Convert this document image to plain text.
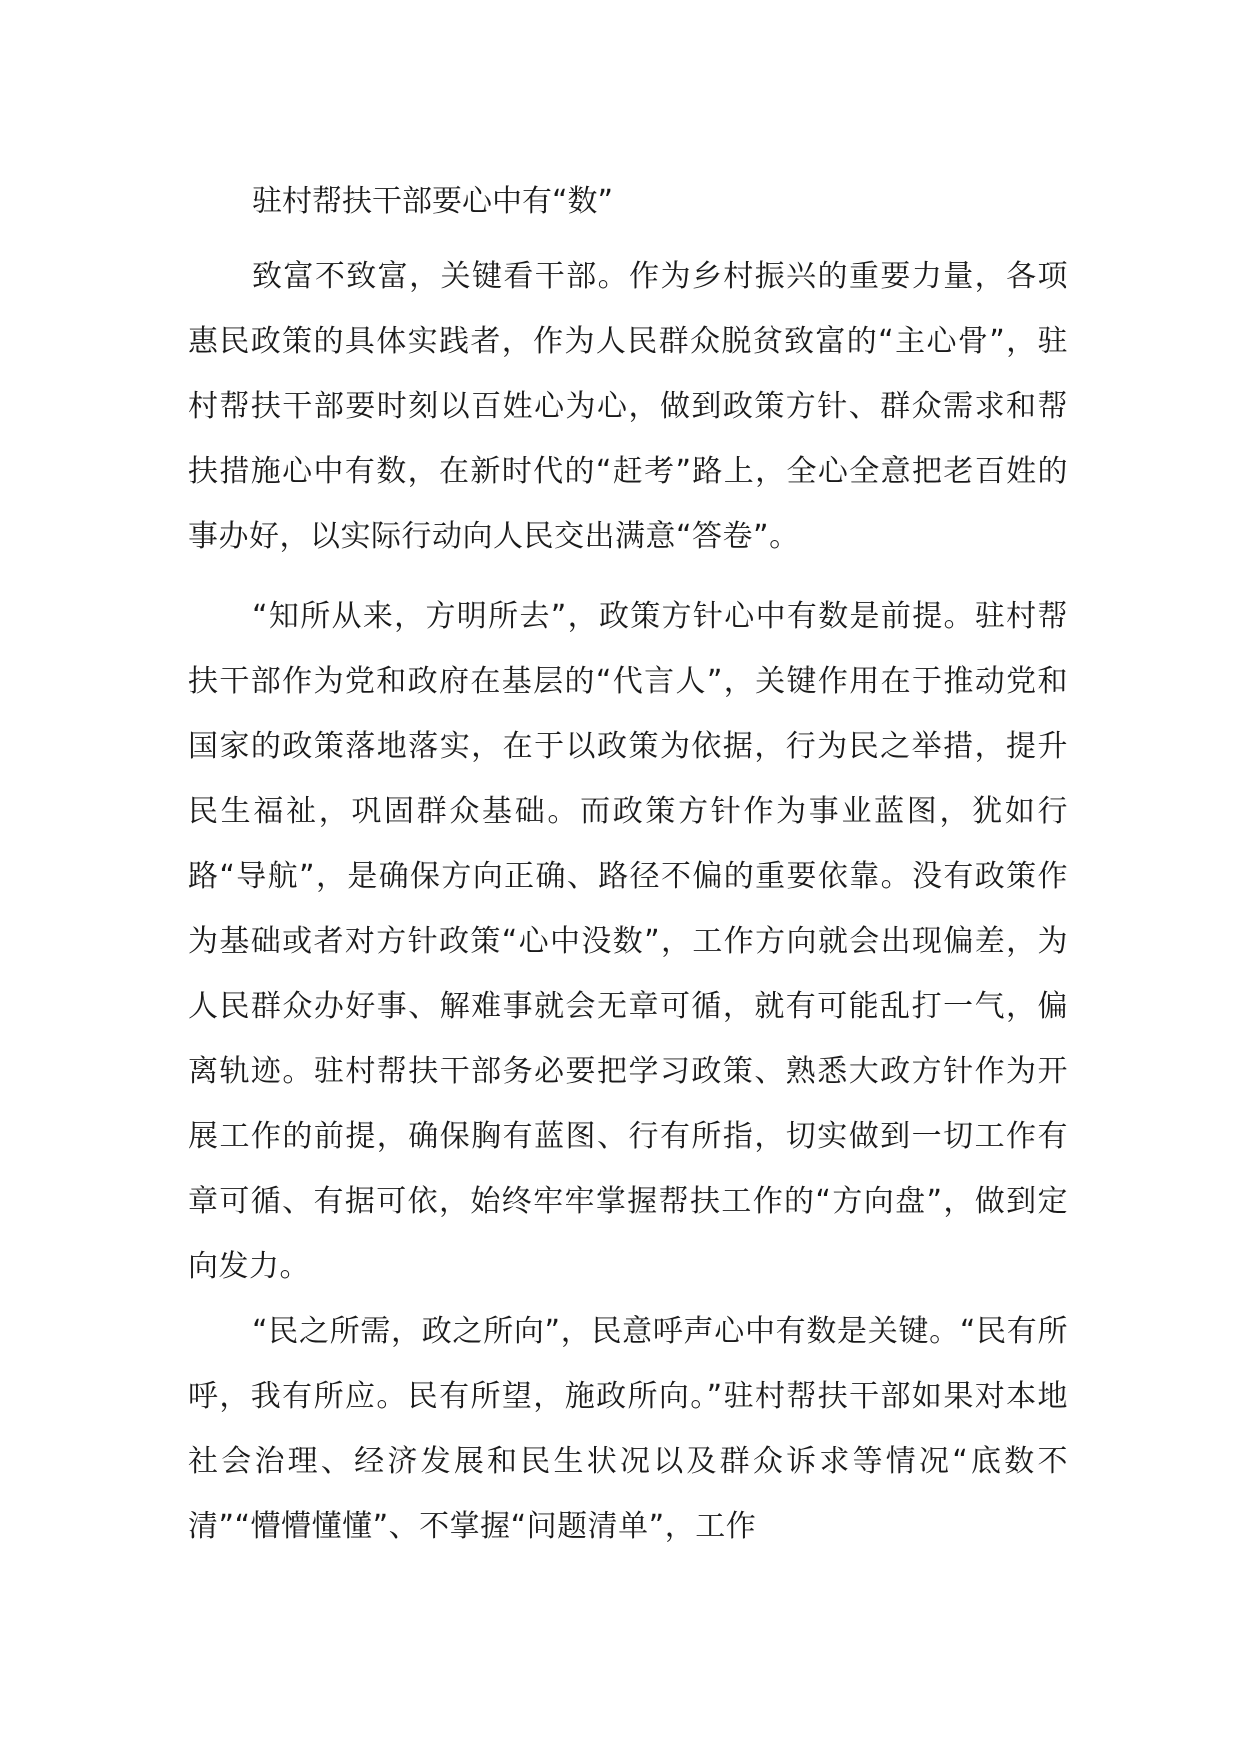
驻村帮扶干部要心中有“数”

致富不致富，关键看干部。作为乡村振兴的重要力量，各项惠民政策的具体实践者，作为人民群众脱贫致富的“主心骨”，驻村帮扶干部要时刻以百姓心为心，做到政策方针、群众需求和帮扶措施心中有数，在新时代的“赶考”路上，全心全意把老百姓的事办好，以实际行动向人民交出满意“答卷”。

“知所从来，方明所去”，政策方针心中有数是前提。驻村帮扶干部作为党和政府在基层的“代言人”，关键作用在于推动党和国家的政策落地落实，在于以政策为依据，行为民之举措，提升民生福祉，巩固群众基础。而政策方针作为事业蓝图，犹如行路“导航”，是确保方向正确、路径不偏的重要依靠。没有政策作为基础或者对方针政策“心中没数”，工作方向就会出现偏差，为人民群众办好事、解难事就会无章可循，就有可能乱打一气，偏离轨迹。驻村帮扶干部务必要把学习政策、熟悉大政方针作为开展工作的前提，确保胸有蓝图、行有所指，切实做到一切工作有章可循、有据可依，始终牢牢掌握帮扶工作的“方向盘”，做到定向发力。

“民之所需，政之所向”，民意呼声心中有数是关键。“民有所呼，我有所应。民有所望，施政所向。”驻村帮扶干部如果对本地社会治理、经济发展和民生状况以及群众诉求等情况“底数不清”“懵懵懂懂”、不掌握“问题清单”，工作
